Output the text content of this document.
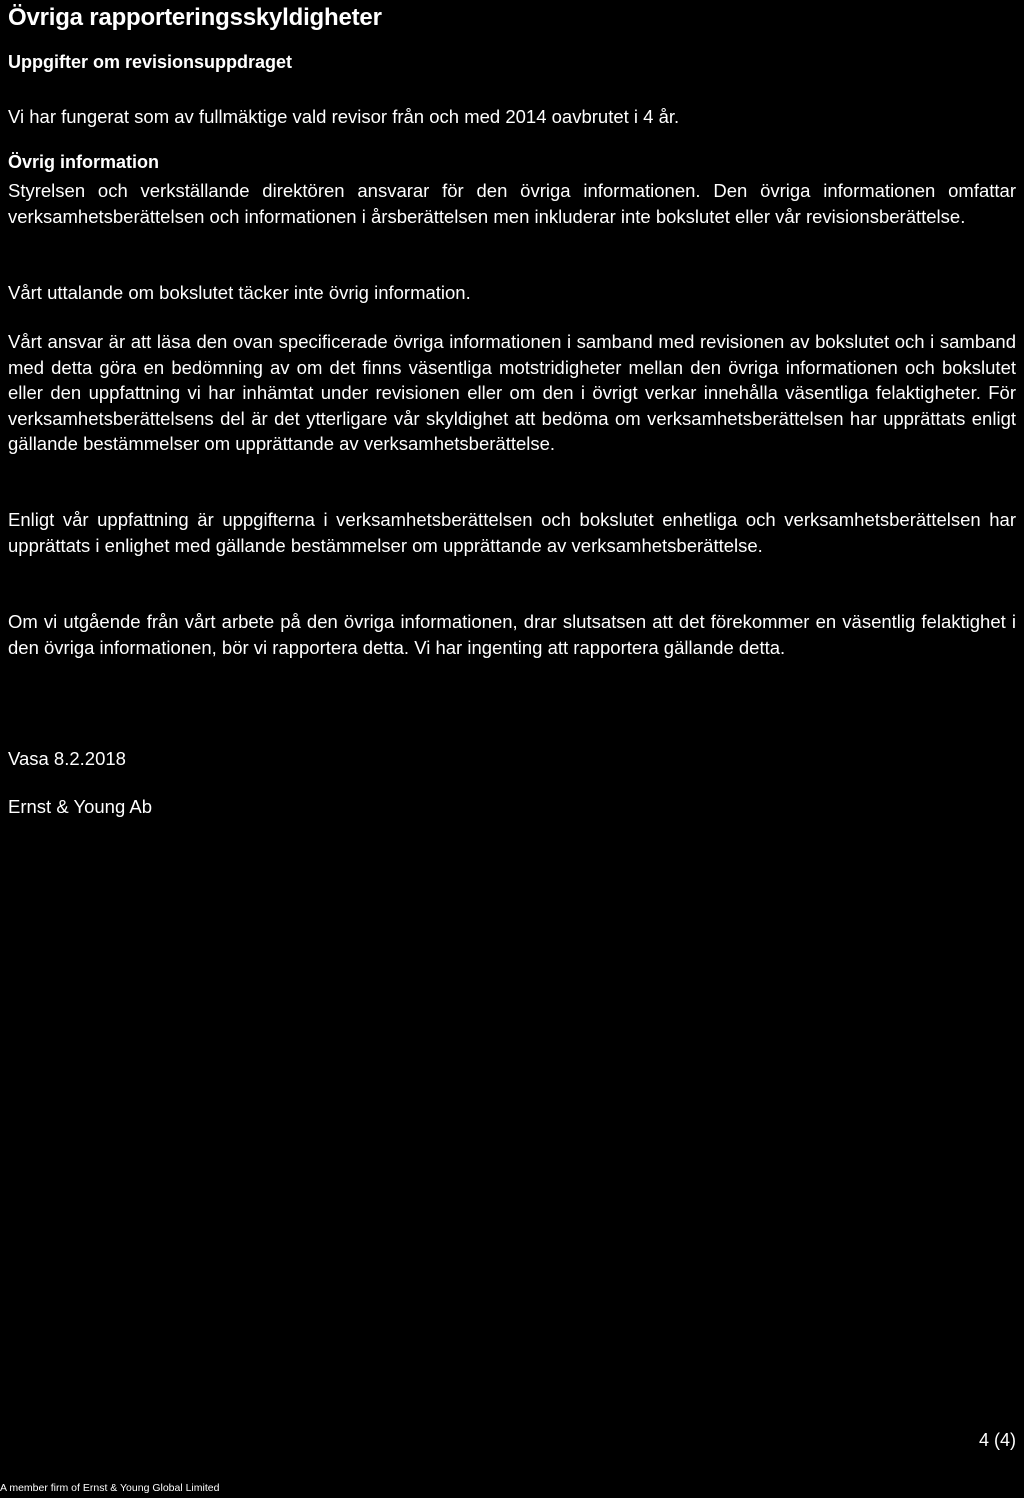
Övriga rapporteringsskyldigheter
Uppgifter om revisionsuppdraget

Vi har fungerat som av fullmäktige vald revisor från och med 2014 oavbrutet i 4 år.

Övrig information

Styrelsen och verkställande direktören ansvarar för den övriga informationen. Den övriga informationen omfattar verksamhetsberättelsen och informationen i årsberättelsen men inkluderar inte bokslutet eller vår revisionsberättelse.

Vårt uttalande om bokslutet täcker inte övrig information.

Vårt ansvar är att läsa den ovan specificerade övriga informationen i samband med revisionen av bokslutet och i samband med detta göra en bedömning av om det finns väsentliga motstridigheter mellan den övriga informationen och bokslutet eller den uppfattning vi har inhämtat under revisionen eller om den i övrigt verkar innehålla väsentliga felaktigheter. För verksamhetsberättelsens del är det ytterligare vår skyldighet att bedöma om verksamhetsberättelsen har upprättats enligt gällande bestämmelser om upprättande av verksamhetsberättelse.

Enligt vår uppfattning är uppgifterna i verksamhetsberättelsen och bokslutet enhetliga och verksamhetsberättelsen har upprättats i enlighet med gällande bestämmelser om upprättande av verksamhetsberättelse.

Om vi utgående från vårt arbete på den övriga informationen, drar slutsatsen att det förekommer en väsentlig felaktighet i den övriga informationen, bör vi rapportera detta. Vi har ingenting att rapportera gällande detta.

Vasa 8.2.2018
Ernst & Young Ab
4 (4)
A member firm of Ernst & Young Global Limited
